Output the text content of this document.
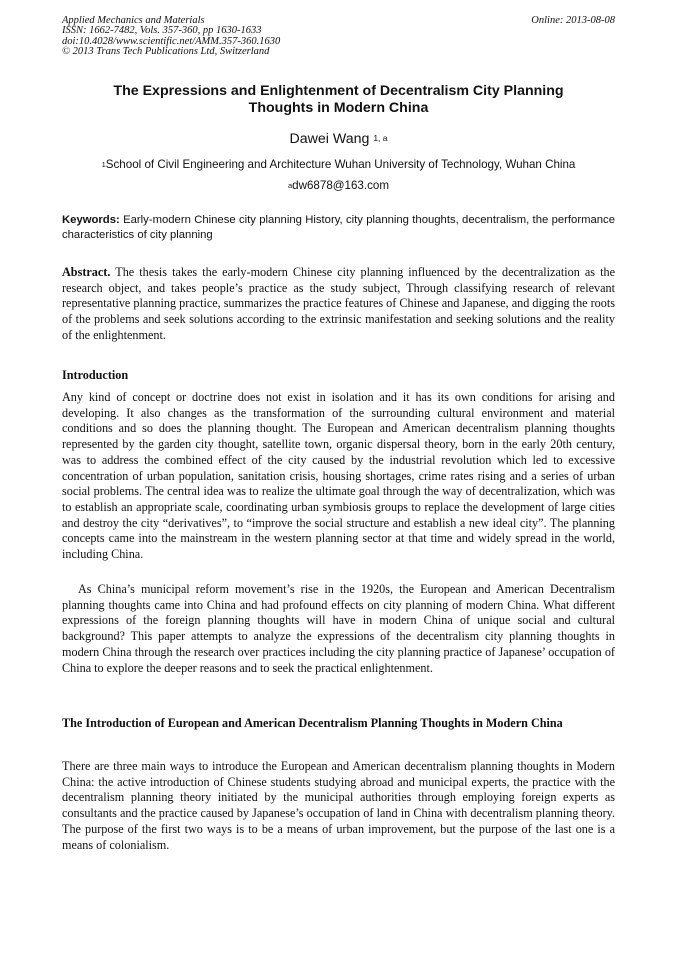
Applied Mechanics and Materials
ISSN: 1662-7482, Vols. 357-360, pp 1630-1633
doi:10.4028/www.scientific.net/AMM.357-360.1630
© 2013 Trans Tech Publications Ltd, Switzerland
Online: 2013-08-08
The Expressions and Enlightenment of Decentralism City Planning
Thoughts in Modern China
Dawei Wang $^{1, a}$
$^1$School of Civil Engineering and Architecture Wuhan University of Technology, Wuhan China
$^a$dw6878@163.com
Keywords: Early-modern Chinese city planning History, city planning thoughts, decentralism, the performance characteristics of city planning

Abstract. The thesis takes the early-modern Chinese city planning influenced by the decentralization as the research object, and takes people’s practice as the study subject, Through classifying research of relevant representative planning practice, summarizes the practice features of Chinese and Japanese, and digging the roots of the problems and seek solutions according to the extrinsic manifestation and seeking solutions and the reality of the enlightenment.

Introduction

Any kind of concept or doctrine does not exist in isolation and it has its own conditions for arising and developing. It also changes as the transformation of the surrounding cultural environment and material conditions and so does the planning thought. The European and American decentralism planning thoughts represented by the garden city thought, satellite town, organic dispersal theory, born in the early 20th century, was to address the combined effect of the city caused by the industrial revolution which led to excessive concentration of urban population, sanitation crisis, housing shortages, crime rates rising and a series of urban social problems. The central idea was to realize the ultimate goal through the way of decentralization, which was to establish an appropriate scale, coordinating urban symbiosis groups to replace the development of large cities and destroy the city “derivatives”, to “improve the social structure and establish a new ideal city”. The planning concepts came into the mainstream in the western planning sector at that time and widely spread in the world, including China.

As China’s municipal reform movement’s rise in the 1920s, the European and American Decentralism planning thoughts came into China and had profound effects on city planning of modern China. What different expressions of the foreign planning thoughts will have in modern China of unique social and cultural background? This paper attempts to analyze the expressions of the decentralism city planning thoughts in modern China through the research over practices including the city planning practice of Japanese’ occupation of China to explore the deeper reasons and to seek the practical enlightenment.

The Introduction of European and American Decentralism Planning Thoughts in Modern China

There are three main ways to introduce the European and American decentralism planning thoughts in Modern China: the active introduction of Chinese students studying abroad and municipal experts, the practice with the decentralism planning theory initiated by the municipal authorities through employing foreign experts as consultants and the practice caused by Japanese’s occupation of land in China with decentralism planning theory. The purpose of the first two ways is to be a means of urban improvement, but the purpose of the last one is a means of colonialism.
